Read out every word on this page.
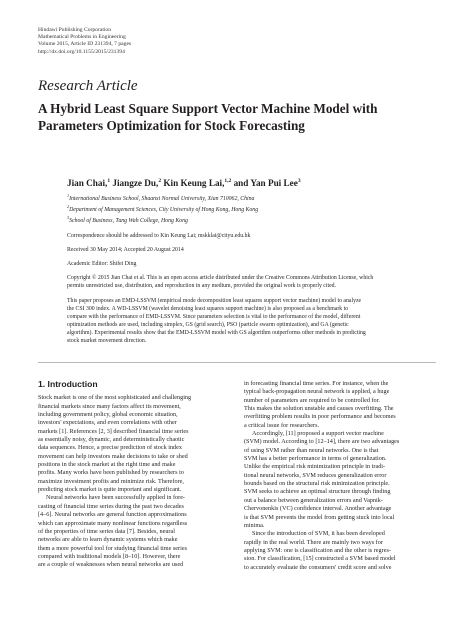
Hindawi Publishing Corporation
Mathematical Problems in Engineering
Volume 2015, Article ID 231394, 7 pages
http://dx.doi.org/10.1155/2015/231394
Research Article
A Hybrid Least Square Support Vector Machine Model with
Parameters Optimization for Stock Forecasting
Jian Chai,$^1$ Jiangze Du,$^2$ Kin Keung Lai,$^{1,2}$ and Yan Pui Lee$^3$
$^1$International Business School, Shaanxi Normal University, Xian 710062, China
$^2$Department of Management Sciences, City University of Hong Kong, Hong Kong
$^3$School of Business, Tung Wah College, Hong Kong
Correspondence should be addressed to Kin Keung Lai; mskklai@cityu.edu.hk
Received 30 May 2014; Accepted 20 August 2014
Academic Editor: Shifei Ding
Copyright © 2015 Jian Chai et al. This is an open access article distributed under the Creative Commons Attribution License, which
permits unrestricted use, distribution, and reproduction in any medium, provided the original work is properly cited.
This paper proposes an EMD-LSSVM (empirical mode decomposition least squares support vector machine) model to analyze
the CSI 300 index. A WD-LSSVM (wavelet denoising least squares support machine) is also proposed as a benchmark to
compare with the performance of EMD-LSSVM. Since parameters selection is vital to the performance of the model, different
optimization methods are used, including simplex, GS (grid search), PSO (particle swarm optimization), and GA (genetic
algorithm). Experimental results show that the EMD-LSSVM model with GS algorithm outperforms other methods in predicting
stock market movement direction.
1. Introduction
Stock market is one of the most sophisticated and challenging
financial markets since many factors affect its movement,
including government policy, global economic situation,
investors' expectations, and even correlations with other
markets [1]. References [2, 3] described financial time series
as essentially noisy, dynamic, and deterministically chaotic
data sequences. Hence, a precise prediction of stock index
movement can help investors make decisions to take or shed
positions in the stock market at the right time and make
profits. Many works have been published by researchers to
maximize investment profits and minimize risk. Therefore,
predicting stock market is quite important and significant.
Neural networks have been successfully applied in fore-
casting of financial time series during the past two decades
[4–6]. Neural networks are general function approximations
which can approximate many nonlinear functions regardless
of the properties of time series data [7]. Besides, neural
networks are able to learn dynamic systems which make
them a more powerful tool for studying financial time series
compared with traditional models [8–10]. However, there
are a couple of weaknesses when neural networks are used
in forecasting financial time series. For instance, when the
typical back-propagation neural network is applied, a huge
number of parameters are required to be controlled for.
This makes the solution unstable and causes overfitting. The
overfitting problem results in poor performance and becomes
a critical issue for researchers.
Accordingly, [11] proposed a support vector machine
(SVM) model. According to [12–14], there are two advantages
of using SVM rather than neural networks. One is that
SVM has a better performance in terms of generalization.
Unlike the empirical risk minimization principle in tradi-
tional neural networks, SVM reduces generalization error
bounds based on the structural risk minimization principle.
SVM seeks to achieve an optimal structure through finding
out a balance between generalization errors and Vapnik-
Chervonenkis (VC) confidence interval. Another advantage
is that SVM prevents the model from getting stuck into local
minima.
Since the introduction of SVM, it has been developed
rapidly in the real world. There are mainly two ways for
applying SVM: one is classification and the other is regres-
sion. For classification, [15] constructed a SVM based model
to accurately evaluate the consumers' credit score and solve
